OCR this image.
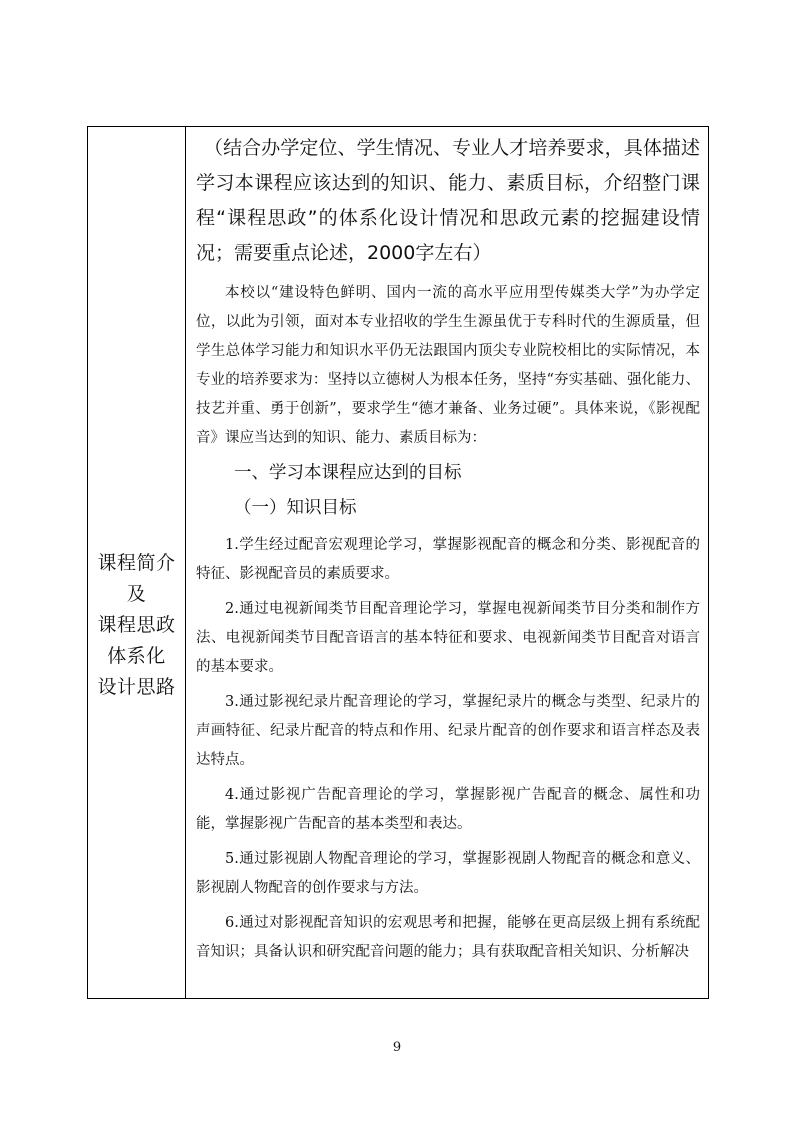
课程简介
及
课程思政
体系化
设计思路

（结合办学定位、学生情况、专业人才培养要求，具体描述学习本课程应该达到的知识、能力、素质目标，介绍整门课程“课程思政”的体系化设计情况和思政元素的挖掘建设情况；需要重点论述，2000字左右）

本校以“建设特色鲜明、国内一流的高水平应用型传媒类大学”为办学定位，以此为引领，面对本专业招收的学生生源虽优于专科时代的生源质量，但学生总体学习能力和知识水平仍无法跟国内顶尖专业院校相比的实际情况，本专业的培养要求为：坚持以立德树人为根本任务，坚持“夯实基础、强化能力、技艺并重、勇于创新”，要求学生“德才兼备、业务过硬”。具体来说，《影视配音》课应当达到的知识、能力、素质目标为：

一、学习本课程应达到的目标

（一）知识目标

1.学生经过配音宏观理论学习，掌握影视配音的概念和分类、影视配音的特征、影视配音员的素质要求。

2.通过电视新闻类节目配音理论学习，掌握电视新闻类节目分类和制作方法、电视新闻类节目配音语言的基本特征和要求、电视新闻类节目配音对语言的基本要求。

3.通过影视纪录片配音理论的学习，掌握纪录片的概念与类型、纪录片的声画特征、纪录片配音的特点和作用、纪录片配音的创作要求和语言样态及表达特点。

4.通过影视广告配音理论的学习，掌握影视广告配音的概念、属性和功能，掌握影视广告配音的基本类型和表达。

5.通过影视剧人物配音理论的学习，掌握影视剧人物配音的概念和意义、影视剧人物配音的创作要求与方法。

6.通过对影视配音知识的宏观思考和把握，能够在更高层级上拥有系统配音知识；具备认识和研究配音问题的能力；具有获取配音相关知识、分析解决

9
